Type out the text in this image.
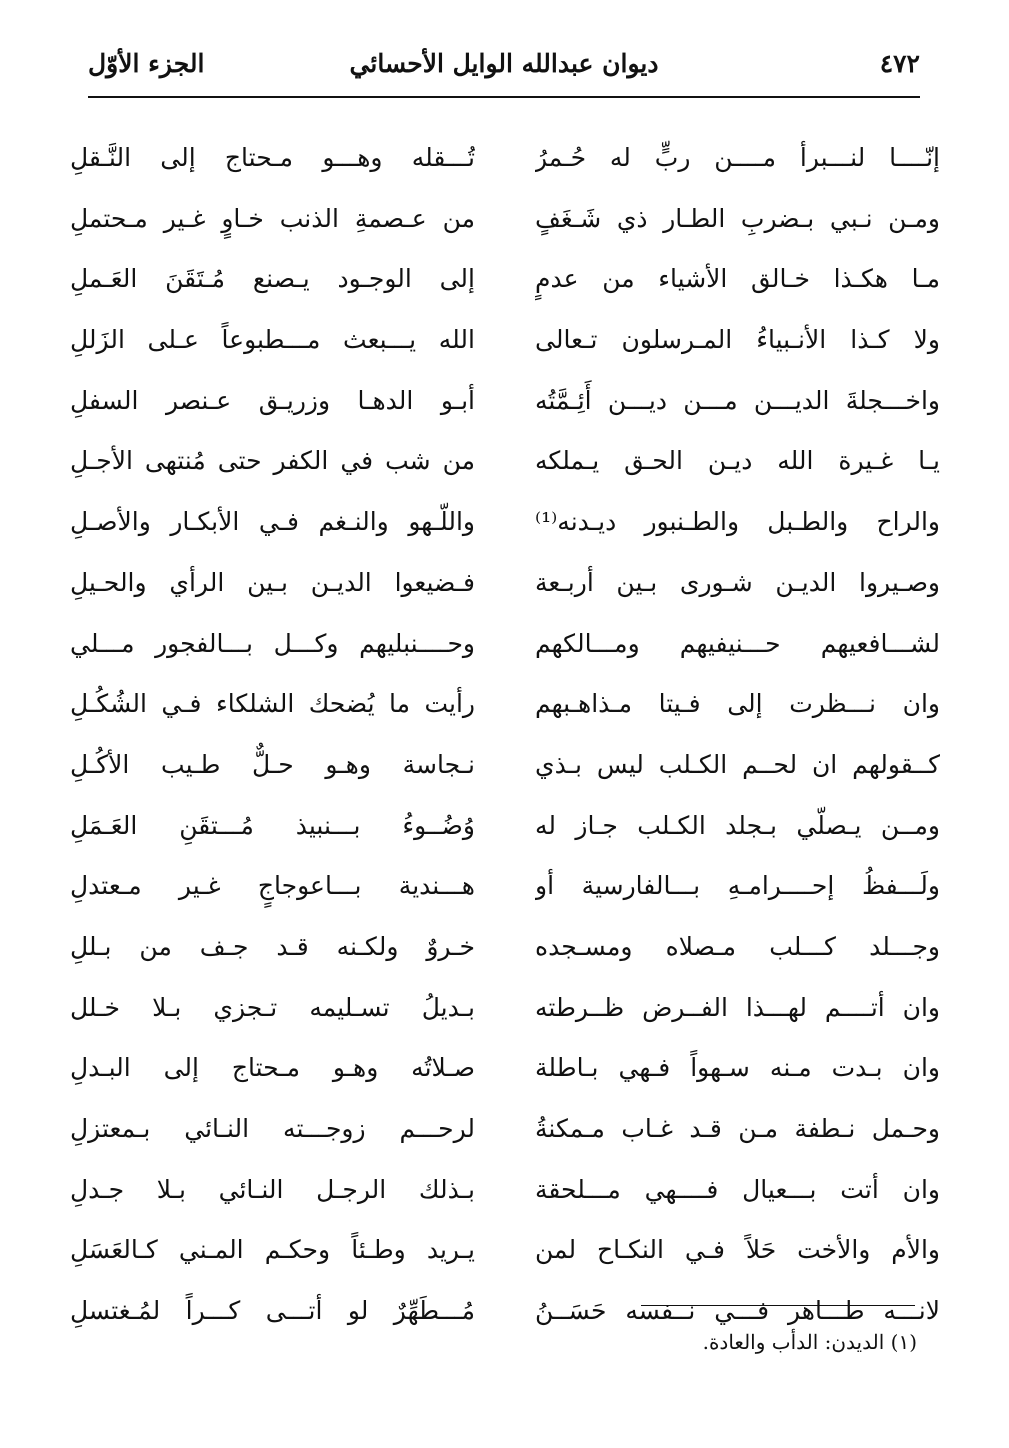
٤٧٢
ديوان عبدالله الوايل الأحسائي
الجزء الأوّل
إنّــــا لنـــبرأ مــــن ربٍّ له حُـمرُ
تُـــقله وهـــو مـحتاج إلى النَّـقلِ
ومـن نـبي بـضربِ الطـار ذي شَـغَفٍ
من عـصمةِ الذنب خـاوٍ غـير مـحتملِ
مـا هكـذا خـالق الأشياء من عدمٍ
إلى الوجـود يـصنع مُـتَقَنَ العَـملِ
ولا كـذا الأنـبياءُ المـرسلون تـعالى
الله يـــبعث مـــطبوعاً عـلى الزَللِ
واخـــجلةَ الديـــن مـــن ديـــن أَئِـمَّتُه
أبـو الدهـا وزريـق عـنصر السفلِ
يـا غـيرة الله ديـن الحـق يـملكه
من شب في الكفر حتى مُنتهى الأجـلِ
والراح والطـبل والطـنبور ديـدنه⁽¹⁾
واللّـهو والنـغم فـي الأبكـار والأصـلِ
وصـيروا الديـن شـورى بـين أربـعة
فـضيعوا الديـن بـين الرأي والحـيلِ
لشـــافعيهم حـــنيفيهم ومـــالكهم
وحــــنبليهم وكـــل بـــالفجور مـــلي
وان نـــظرت إلى فـيتا مـذاهـبهم
رأيت ما يُضحك الشلكاء فـي الشُكُـلِ
كــقولهم ان لحــم الكـلب ليس بـذي
نـجاسة وهـو حـلٌّ طـيب الأكُـلِ
ومــن يـصلّي بـجلد الكـلب جـاز له
وُضُــوءُ بـــنبيذ مُـــتقَنِ العَـمَلِ
ولَـــفظُ إحــــرامـهِ بـــالفارسية أو
هـــندية بـــاعوجاجٍ غـير مـعتدلِ
وجـــلد كـــلب مـصلاه ومسـجده
خـروٌ ولكـنه قـد جـف من بـللِ
وان أتــــم لهـــذا الفــرض ظــرطته
بـديلُ تسـليمه تـجزي بـلا خـلل
وان بـدت مـنه سـهواً فـهي بـاطلة
صـلاتُه وهـو مـحتاج إلى البـدلِ
وحـمل نـطفة مـن قـد غـاب مـمكنةُ
لرحـــم زوجـــته النـائي بـمعتزلِ
وان أتت بـــعيال فــــهي مـــلحقة
بـذلك الرجـل النـائي بـلا جـدلِ
والأم والأخت حَلاً فـي النكـاح لمن
يـريد وطـئاً وحكـم المـني كـالعَسَلِ
لانـــه طـــاهر فـــي نــفسه حَسَــنُ
مُـــطَهِّرٌ لو أتـــى كـــراً لمُـغتسلِ
(١) الديدن: الدأب والعادة.
